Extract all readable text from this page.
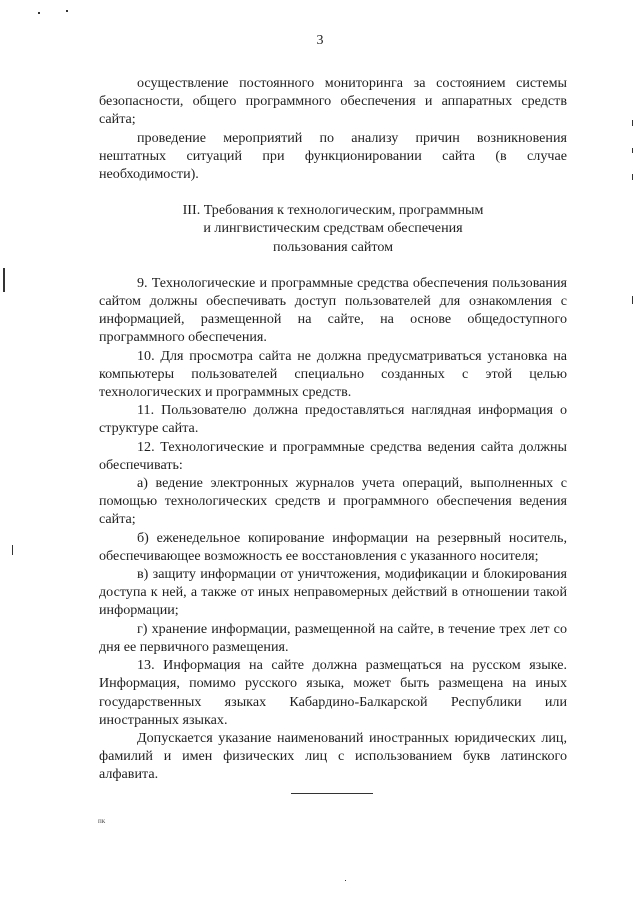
3

осуществление постоянного мониторинга за состоянием системы безопасности, общего программного обеспечения и аппаратных средств сайта;

проведение мероприятий по анализу причин возникновения нештатных ситуаций при функционировании сайта (в случае необходимости).

III. Требования к технологическим, программным
и лингвистическим средствам обеспечения
пользования сайтом

9. Технологические и программные средства обеспечения пользования сайтом должны обеспечивать доступ пользователей для ознакомления с информацией, размещенной на сайте, на основе общедоступного программного обеспечения.

10. Для просмотра сайта не должна предусматриваться установка на компьютеры пользователей специально созданных с этой целью технологических и программных средств.

11. Пользователю должна предоставляться наглядная информация о структуре сайта.

12. Технологические и программные средства ведения сайта должны обеспечивать:

а) ведение электронных журналов учета операций, выполненных с помощью технологических средств и программного обеспечения ведения сайта;

б) еженедельное копирование информации на резервный носитель, обеспечивающее возможность ее восстановления с указанного носителя;

в) защиту информации от уничтожения, модификации и блокирования доступа к ней, а также от иных неправомерных действий в отношении такой информации;

г) хранение информации, размещенной на сайте, в течение трех лет со дня ее первичного размещения.

13. Информация на сайте должна размещаться на русском языке. Информация, помимо русского языка, может быть размещена на иных государственных языках Кабардино-Балкарской Республики или иностранных языках.

Допускается указание наименований иностранных юридических лиц, фамилий и имен физических лиц с использованием букв латинского алфавита.

пк
